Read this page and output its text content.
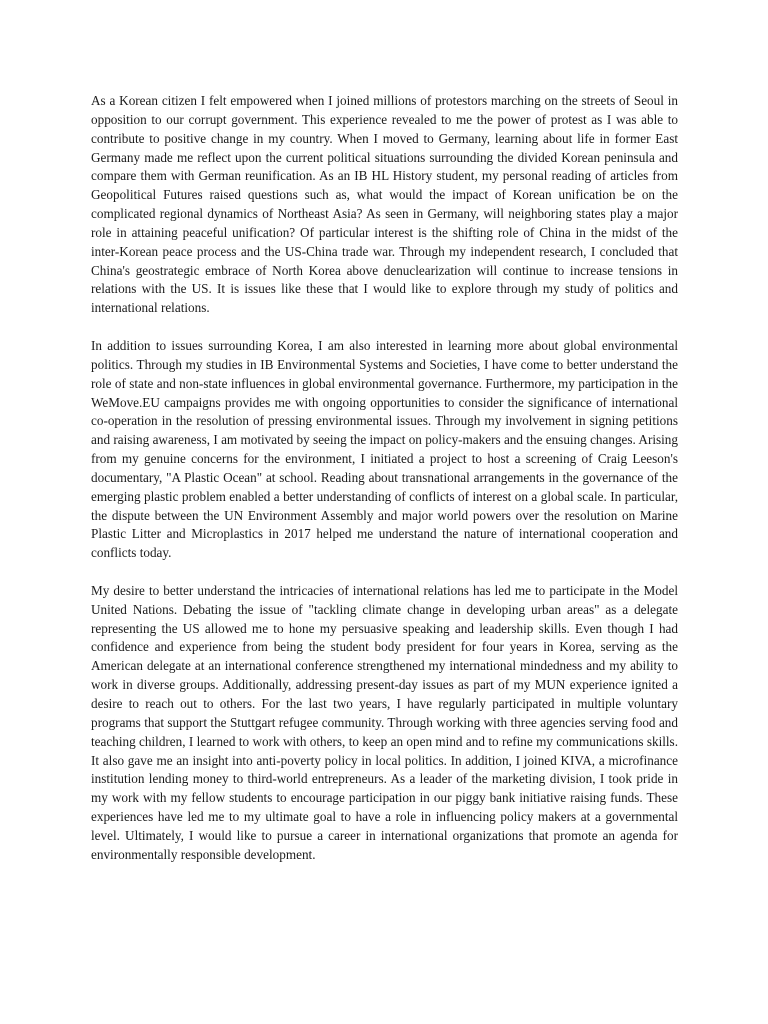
As a Korean citizen I felt empowered when I joined millions of protestors marching on the streets of Seoul in opposition to our corrupt government. This experience revealed to me the power of protest as I was able to contribute to positive change in my country. When I moved to Germany, learning about life in former East Germany made me reflect upon the current political situations surrounding the divided Korean peninsula and compare them with German reunification. As an IB HL History student, my personal reading of articles from Geopolitical Futures raised questions such as, what would the impact of Korean unification be on the complicated regional dynamics of Northeast Asia? As seen in Germany, will neighboring states play a major role in attaining peaceful unification? Of particular interest is the shifting role of China in the midst of the inter-Korean peace process and the US-China trade war. Through my independent research, I concluded that China's geostrategic embrace of North Korea above denuclearization will continue to increase tensions in relations with the US. It is issues like these that I would like to explore through my study of politics and international relations.

In addition to issues surrounding Korea, I am also interested in learning more about global environmental politics. Through my studies in IB Environmental Systems and Societies, I have come to better understand the role of state and non-state influences in global environmental governance. Furthermore, my participation in the WeMove.EU campaigns provides me with ongoing opportunities to consider the significance of international co-operation in the resolution of pressing environmental issues. Through my involvement in signing petitions and raising awareness, I am motivated by seeing the impact on policy-makers and the ensuing changes. Arising from my genuine concerns for the environment, I initiated a project to host a screening of Craig Leeson's documentary, "A Plastic Ocean" at school. Reading about transnational arrangements in the governance of the emerging plastic problem enabled a better understanding of conflicts of interest on a global scale. In particular, the dispute between the UN Environment Assembly and major world powers over the resolution on Marine Plastic Litter and Microplastics in 2017 helped me understand the nature of international cooperation and conflicts today.

My desire to better understand the intricacies of international relations has led me to participate in the Model United Nations. Debating the issue of "tackling climate change in developing urban areas" as a delegate representing the US allowed me to hone my persuasive speaking and leadership skills. Even though I had confidence and experience from being the student body president for four years in Korea, serving as the American delegate at an international conference strengthened my international mindedness and my ability to work in diverse groups. Additionally, addressing present-day issues as part of my MUN experience ignited a desire to reach out to others. For the last two years, I have regularly participated in multiple voluntary programs that support the Stuttgart refugee community. Through working with three agencies serving food and teaching children, I learned to work with others, to keep an open mind and to refine my communications skills. It also gave me an insight into anti-poverty policy in local politics. In addition, I joined KIVA, a microfinance institution lending money to third-world entrepreneurs. As a leader of the marketing division, I took pride in my work with my fellow students to encourage participation in our piggy bank initiative raising funds. These experiences have led me to my ultimate goal to have a role in influencing policy makers at a governmental level. Ultimately, I would like to pursue a career in international organizations that promote an agenda for environmentally responsible development.
